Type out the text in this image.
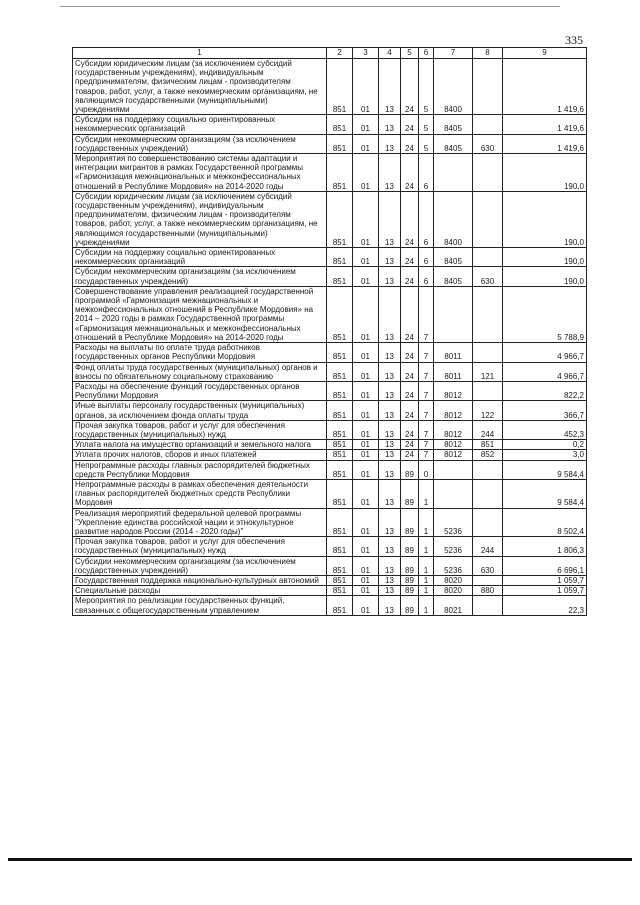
335
1	2	3	4	5	6	7	8	9
Субсидии юридическим лицам (за исключением субсидий государственным учреждениям), индивидуальным предпринимателям, физическим лицам - производителям товаров, работ, услуг, а также некоммерческим организациям, не являющимся государственными (муниципальными) учреждениями	851	01	13	24	5	8400		1 419,6
Субсидии на поддержку социально ориентированных некоммерческих организаций	851	01	13	24	5	8405		1 419,6
Субсидии некоммерческим организациям (за исключением государственных учреждений)	851	01	13	24	5	8405	630	1 419,6
Мероприятия по совершенствованию системы адаптации и интеграции мигрантов в рамках Государственной программы «Гармонизация межнациональных и межконфессиональных отношений в Республике Мордовия» на 2014-2020 годы	851	01	13	24	6			190,0
Субсидии юридическим лицам (за исключением субсидий государственным учреждениям), индивидуальным предпринимателям, физическим лицам - производителям товаров, работ, услуг, а также некоммерческим организациям, не являющимся государственными (муниципальными) учреждениями	851	01	13	24	6	8400		190,0
Субсидии на поддержку социально ориентированных некоммерческих организаций	851	01	13	24	6	8405		190,0
Субсидии некоммерческим организациям (за исключением государственных учреждений)	851	01	13	24	6	8405	630	190,0
Совершенствование управления реализацией государственной программой «Гармонизация межнациональных и межконфессиональных отношений в Республике Мордовия» на 2014 – 2020 годы в рамках Государственной программы «Гармонизация межнациональных и межконфессиональных отношений в Республике Мордовия» на 2014-2020 годы	851	01	13	24	7			5 788,9
Расходы на выплаты по оплате труда работников государственных органов Республики Мордовия	851	01	13	24	7	8011		4 966,7
Фонд оплаты труда государственных (муниципальных) органов и взносы по обязательному социальному страхованию	851	01	13	24	7	8011	121	4 966,7
Расходы на обеспечение функций государственных органов Республики Мордовия	851	01	13	24	7	8012		822,2
Иные выплаты персоналу государственных (муниципальных) органов, за исключением фонда оплаты труда	851	01	13	24	7	8012	122	366,7
Прочая закупка товаров, работ и услуг для обеспечения государственных (муниципальных) нужд	851	01	13	24	7	8012	244	452,3
Уплата налога на имущество организаций и земельного налога	851	01	13	24	7	8012	851	0,2
Уплата прочих налогов, сборов и иных платежей	851	01	13	24	7	8012	852	3,0
Непрограммные расходы главных распорядителей бюджетных средств Республики Мордовия	851	01	13	89	0			9 584,4
Непрограммные расходы в рамках обеспечения деятельности главных распорядителей бюджетных средств Республики Мордовия	851	01	13	89	1			9 584,4
Реализация мероприятий федеральной целевой программы "Укрепление единства российской нации и этнокультурное развитие народов России (2014 - 2020 годы)"	851	01	13	89	1	5236		8 502,4
Прочая закупка товаров, работ и услуг для обеспечения государственных (муниципальных) нужд	851	01	13	89	1	5236	244	1 806,3
Субсидии некоммерческим организациям (за исключением государственных учреждений)	851	01	13	89	1	5236	630	6 696,1
Государственная поддержка национально-культурных автономий	851	01	13	89	1	8020		1 059,7
Специальные расходы	851	01	13	89	1	8020	880	1 059,7
Мероприятия по реализации государственных функций, связанных с общегосударственным управлением	851	01	13	89	1	8021		22,3
